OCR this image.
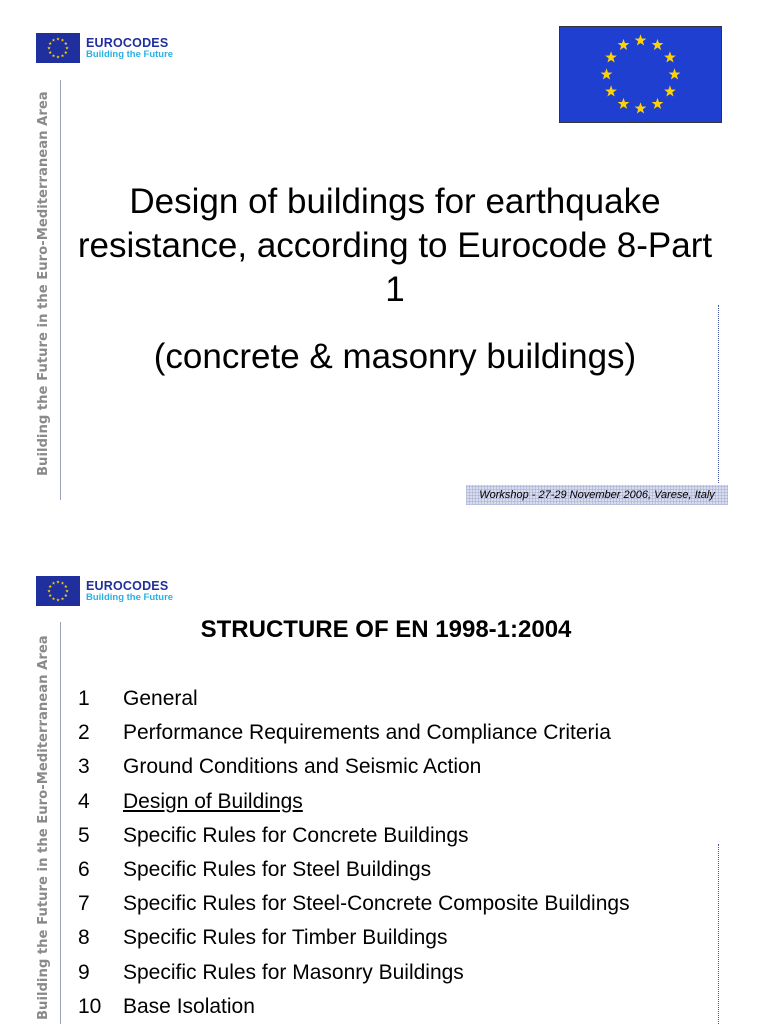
EUROCODES
Building the Future
Building the Future in the Euro-Mediterranean Area	Design of buildings for earthquake resistance, according to Eurocode 8-Part 1
(concrete & masonry buildings)
Workshop - 27-29 November 2006, Varese, Italy
EUROCODES
Building the Future
Building the Future in the Euro-Mediterranean Area
STRUCTURE OF EN 1998-1:2004
1	General
2	Performance Requirements and Compliance Criteria
3	Ground Conditions and Seismic Action
4	Design of Buildings
5	Specific Rules for Concrete Buildings
6	Specific Rules for Steel Buildings
7	Specific Rules for Steel-Concrete Composite Buildings
8	Specific Rules for Timber Buildings
9	Specific Rules for Masonry Buildings
10	Base Isolation
